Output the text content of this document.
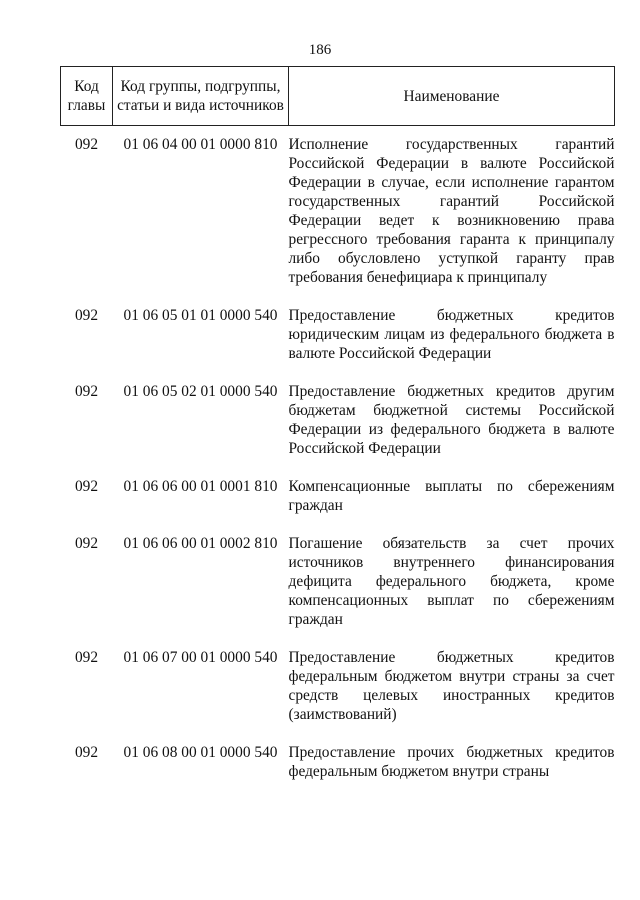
186
Код главы	Код группы, подгруппы, статьи и вида источников	Наименование

092	01 06 04 00 01 0000 810	Исполнение государственных гарантий Российской Федерации в валюте Российской Федерации в случае, если исполнение гарантом государственных гарантий Российской Федерации ведет к возникновению права регрессного требования гаранта к принципалу либо обусловлено уступкой гаранту прав требования бенефициара к принципалу
092	01 06 05 01 01 0000 540	Предоставление бюджетных кредитов юридическим лицам из федерального бюджета в валюте Российской Федерации
092	01 06 05 02 01 0000 540	Предоставление бюджетных кредитов другим бюджетам бюджетной системы Российской Федерации из федерального бюджета в валюте Российской Федерации
092	01 06 06 00 01 0001 810	Компенсационные выплаты по сбережениям граждан
092	01 06 06 00 01 0002 810	Погашение обязательств за счет прочих источников внутреннего финансирования дефицита федерального бюджета, кроме компенсационных выплат по сбережениям граждан
092	01 06 07 00 01 0000 540	Предоставление бюджетных кредитов федеральным бюджетом внутри страны за счет средств целевых иностранных кредитов (заимствований)
092	01 06 08 00 01 0000 540	Предоставление прочих бюджетных кредитов федеральным бюджетом внутри страны
